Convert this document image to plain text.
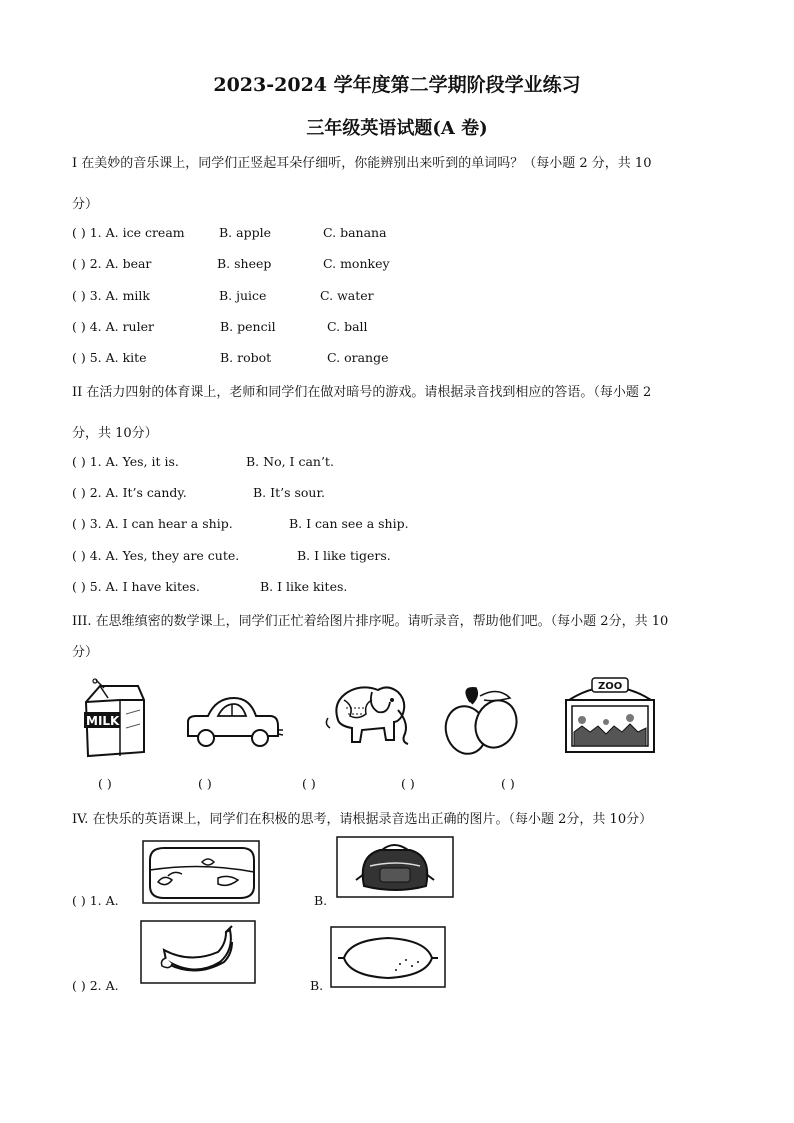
2023-2024 学年度第二学期阶段学业练习
三年级英语试题(A 卷)
I 在美妙的音乐课上，同学们正竖起耳朵仔细听，你能辨别出来听到的单词吗？（每小题 2 分，共 10
分）
( ) 1. A. ice cream	B. apple	C. banana
( ) 2. A. bear	B. sheep	C. monkey
( ) 3. A. milk	B. juice	C. water
( ) 4. A. ruler	B. pencil	C. ball
( ) 5. A. kite	B. robot	C. orange
II 在活力四射的体育课上，老师和同学们在做对暗号的游戏。请根据录音找到相应的答语。（每小题 2
分，共 10分）
( ) 1. A. Yes, it is.	B. No, I can’t.
( ) 2. A. It’s candy.	B. It’s sour.
( ) 3. A. I can hear a ship.	B. I can see a ship.
( ) 4. A. Yes, they are cute.	B. I like tigers.
( ) 5. A. I have kites.	B. I like kites.
III. 在思维缜密的数学课上，同学们正忙着给图片排序呢。请听录音，帮助他们吧。（每小题 2分，共 10
分）
MILK
ZOO
( )	( )	( )	( )	( )
IV. 在快乐的英语课上，同学们在积极的思考，请根据录音选出正确的图片。（每小题 2分，共 10分）
( ) 1. A.	B.
( ) 2. A.	B.
